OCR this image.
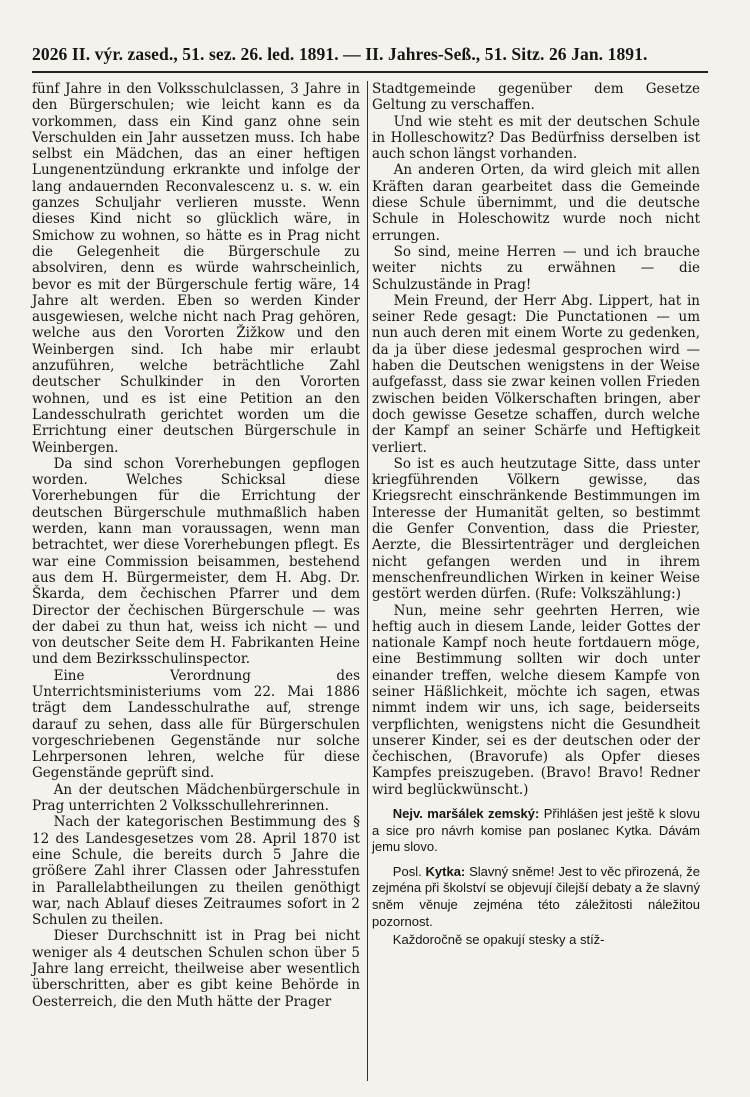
2026 II. výr. zased., 51. sez. 26. led. 1891. — II. Jahres-Seß., 51. Sitz. 26 Jan. 1891.

fünf Jahre in den Volksschulclassen, 3 Jahre in den Bürgerschulen; wie leicht kann es da vorkommen, dass ein Kind ganz ohne sein Verschulden ein Jahr aussetzen muss. Ich habe selbst ein Mädchen, das an einer heftigen Lungenentzündung erkrankte und infolge der lang andauernden Reconvalescenz u. s. w. ein ganzes Schuljahr verlieren musste. Wenn dieses Kind nicht so glücklich wäre, in Smichow zu wohnen, so hätte es in Prag nicht die Gelegenheit die Bürgerschule zu absolviren, denn es würde wahrscheinlich, bevor es mit der Bürgerschule fertig wäre, 14 Jahre alt werden. Eben so werden Kinder ausgewiesen, welche nicht nach Prag gehören, welche aus den Vororten Žižkow und den Weinbergen sind. Ich habe mir erlaubt anzuführen, welche beträchtliche Zahl deutscher Schulkinder in den Vororten wohnen, und es ist eine Petition an den Landesschulrath gerichtet worden um die Errichtung einer deutschen Bürgerschule in Weinbergen.

Da sind schon Vorerhebungen gepflogen worden. Welches Schicksal diese Vorerhebungen für die Errichtung der deutschen Bürgerschule muthmaßlich haben werden, kann man voraussagen, wenn man betrachtet, wer diese Vorerhebungen pflegt. Es war eine Commission beisammen, bestehend aus dem H. Bürgermeister, dem H. Abg. Dr. Škarda, dem čechischen Pfarrer und dem Director der čechischen Bürgerschule — was der dabei zu thun hat, weiss ich nicht — und von deutscher Seite dem H. Fabrikanten Heine und dem Bezirksschulinspector.

Eine Verordnung des Unterrichtsministeriums vom 22. Mai 1886 trägt dem Landesschulrathe auf, strenge darauf zu sehen, dass alle für Bürgerschulen vorgeschriebenen Gegenstände nur solche Lehrpersonen lehren, welche für diese Gegenstände geprüft sind.

An der deutschen Mädchenbürgerschule in Prag unterrichten 2 Volksschullehrerinnen.

Nach der kategorischen Bestimmung des § 12 des Landesgesetzes vom 28. April 1870 ist eine Schule, die bereits durch 5 Jahre die größere Zahl ihrer Classen oder Jahresstufen in Parallelabtheilungen zu theilen genöthigt war, nach Ablauf dieses Zeitraumes sofort in 2 Schulen zu theilen.

Dieser Durchschnitt ist in Prag bei nicht weniger als 4 deutschen Schulen schon über 5 Jahre lang erreicht, theilweise aber wesentlich überschritten, aber es gibt keine Behörde in Oesterreich, die den Muth hätte der Prager

Stadtgemeinde gegenüber dem Gesetze Geltung zu verschaffen.

Und wie steht es mit der deutschen Schule in Holleschowitz? Das Bedürfniss derselben ist auch schon längst vorhanden.

An anderen Orten, da wird gleich mit allen Kräften daran gearbeitet dass die Gemeinde diese Schule übernimmt, und die deutsche Schule in Holeschowitz wurde noch nicht errungen.

So sind, meine Herren — und ich brauche weiter nichts zu erwähnen — die Schulzustände in Prag!

Mein Freund, der Herr Abg. Lippert, hat in seiner Rede gesagt: Die Punctationen — um nun auch deren mit einem Worte zu gedenken, da ja über diese jedesmal gesprochen wird — haben die Deutschen wenigstens in der Weise aufgefasst, dass sie zwar keinen vollen Frieden zwischen beiden Völkerschaften bringen, aber doch gewisse Gesetze schaffen, durch welche der Kampf an seiner Schärfe und Heftigkeit verliert.

So ist es auch heutzutage Sitte, dass unter kriegführenden Völkern gewisse, das Kriegsrecht einschränkende Bestimmungen im Interesse der Humanität gelten, so bestimmt die Genfer Convention, dass die Priester, Aerzte, die Blessirtenträger und dergleichen nicht gefangen werden und in ihrem menschenfreundlichen Wirken in keiner Weise gestört werden dürfen. (Rufe: Volkszählung:)

Nun, meine sehr geehrten Herren, wie heftig auch in diesem Lande, leider Gottes der nationale Kampf noch heute fortdauern möge, eine Bestimmung sollten wir doch unter einander treffen, welche diesem Kampfe von seiner Häßlichkeit, möchte ich sagen, etwas nimmt indem wir uns, ich sage, beiderseits verpflichten, wenigstens nicht die Gesundheit unserer Kinder, sei es der deutschen oder der čechischen, (Bravorufe) als Opfer dieses Kampfes preiszugeben. (Bravo! Bravo! Redner wird beglückwünscht.)

Nejv. maršálek zemský: Přihlášen jest ještě k slovu a sice pro návrh komise pan poslanec Kytka. Dávám jemu slovo.

Posl. Kytka: Slavný sněme! Jest to věc přirozená, že zejména při školství se objevují čilejší debaty a že slavný sněm věnuje zejména této záležitosti náležitou pozornost.

Každoročně se opakují stesky a stíž-
